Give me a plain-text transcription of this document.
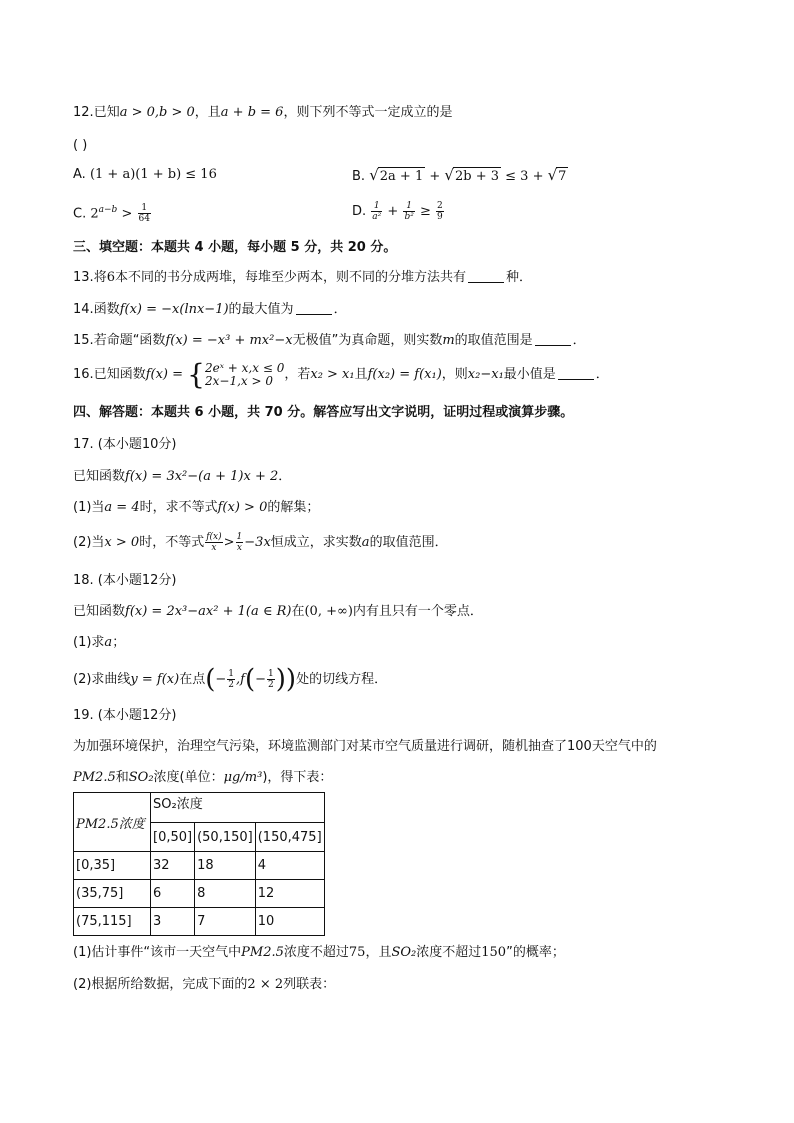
12.已知a > 0,b > 0，且a + b = 6，则下列不等式一定成立的是
( )
A. (1 + a)(1 + b) ≤ 16	B. √2a + 1 + √2b + 3 ≤ 3 + √7
C. $2^{a-b} > \frac{1}{64}$	D. $\frac{1}{\text{a²}} + \frac{1}{\text{b²}} \ge \frac{2}{9}$
三、填空题：本题共 4 小题，每小题 5 分，共 20 分。
13.将6本不同的书分成两堆，每堆至少两本，则不同的分堆方法共有	种．
14.函数f(x) = −x(lnx−1)的最大值为	．
15.若命题“函数f(x) = −x³ + mx²−x无极值”为真命题，则实数m的取值范围是	．
16.已知函数f(x) = { 2eˣ + x,x ≤ 0
2x−1,x > 0 ，若x₂ > x₁且f(x₂) = f(x₁)，则x₂−x₁最小值是	．
四、解答题：本题共 6 小题，共 70 分。解答应写出文字说明，证明过程或演算步骤。
17. (本小题10分)
已知函数f(x) = 3x²−(a + 1)x + 2．
(1)当a = 4时，求不等式f(x) > 0的解集；
(2)当x > 0时，不等式 $\frac{f(x)}{x} > \frac{1}{x} -3x$恒成立，求实数a的取值范围．
18. (本小题12分)
已知函数f(x) = 2x³−ax² + 1(a ∈ R)在(0, +∞)内有且只有一个零点．
(1)求a；
(2)求曲线y = f(x)在点(− $\frac{1}{2} ,f(- \frac{1}{2}$ ))处的切线方程．
19. (本小题12分)
为加强环境保护，治理空气污染，环境监测部门对某市空气质量进行调研，随机抽查了100天空气中的
PM2.5和SO₂浓度(单位：μg/m³)，得下表：
PM2.5浓度	SO₂浓度		
	[0,50]	(50,150]	(150,475]
[0,35]	32	18	4
(35,75]	6	8	12
(75,115]	3	7	10
(1)估计事件“该市一天空气中PM2.5浓度不超过75，且SO₂浓度不超过150”的概率；
(2)根据所给数据，完成下面的2 × 2列联表：
